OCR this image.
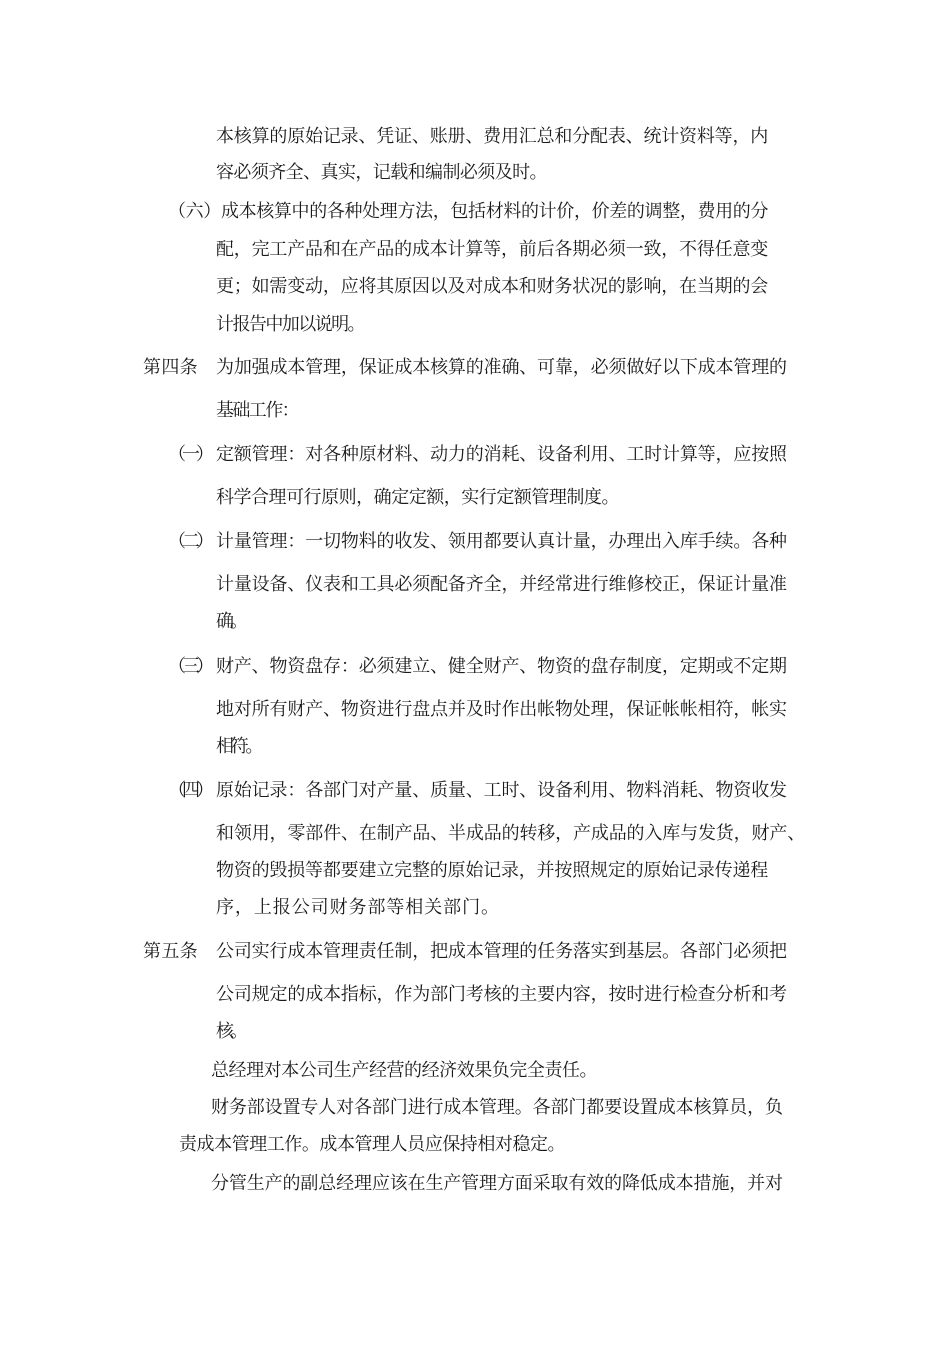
本核算的原始记录、凭证、账册、费用汇总和分配表、统计资料等，内

容必须齐全、真实，记载和编制必须及时。

（六）成本核算中的各种处理方法，包括材料的计价，价差的调整，费用的分

配，完工产品和在产品的成本计算等，前后各期必须一致，不得任意变

更；如需变动，应将其原因以及对成本和财务状况的影响，在当期的会

计报告中加以说明。

第四条 为加强成本管理，保证成本核算的准确、可靠，必须做好以下成本管理的

基础工作：

（一） 定额管理：对各种原材料、动力的消耗、设备利用、工时计算等，应按照

科学合理可行原则，确定定额，实行定额管理制度。

（二） 计量管理：一切物料的收发、领用都要认真计量，办理出入库手续。各种

计量设备、仪表和工具必须配备齐全，并经常进行维修校正，保证计量准

确。

（三） 财产、物资盘存：必须建立、健全财产、物资的盘存制度，定期或不定期

地对所有财产、物资进行盘点并及时作出帐物处理，保证帐帐相符，帐实

相符。

（四） 原始记录：各部门对产量、质量、工时、设备利用、物料消耗、物资收发

和领用，零部件、在制产品、半成品的转移，产成品的入库与发货，财产、

物资的毁损等都要建立完整的原始记录，并按照规定的原始记录传递程

序，上报公司财务部等相关部门。

第五条 公司实行成本管理责任制，把成本管理的任务落实到基层。各部门必须把

公司规定的成本指标，作为部门考核的主要内容，按时进行检查分析和考

核。

总经理对本公司生产经营的经济效果负完全责任。

财务部设置专人对各部门进行成本管理。各部门都要设置成本核算员，负

责成本管理工作。成本管理人员应保持相对稳定。

分管生产的副总经理应该在生产管理方面采取有效的降低成本措施，并对
